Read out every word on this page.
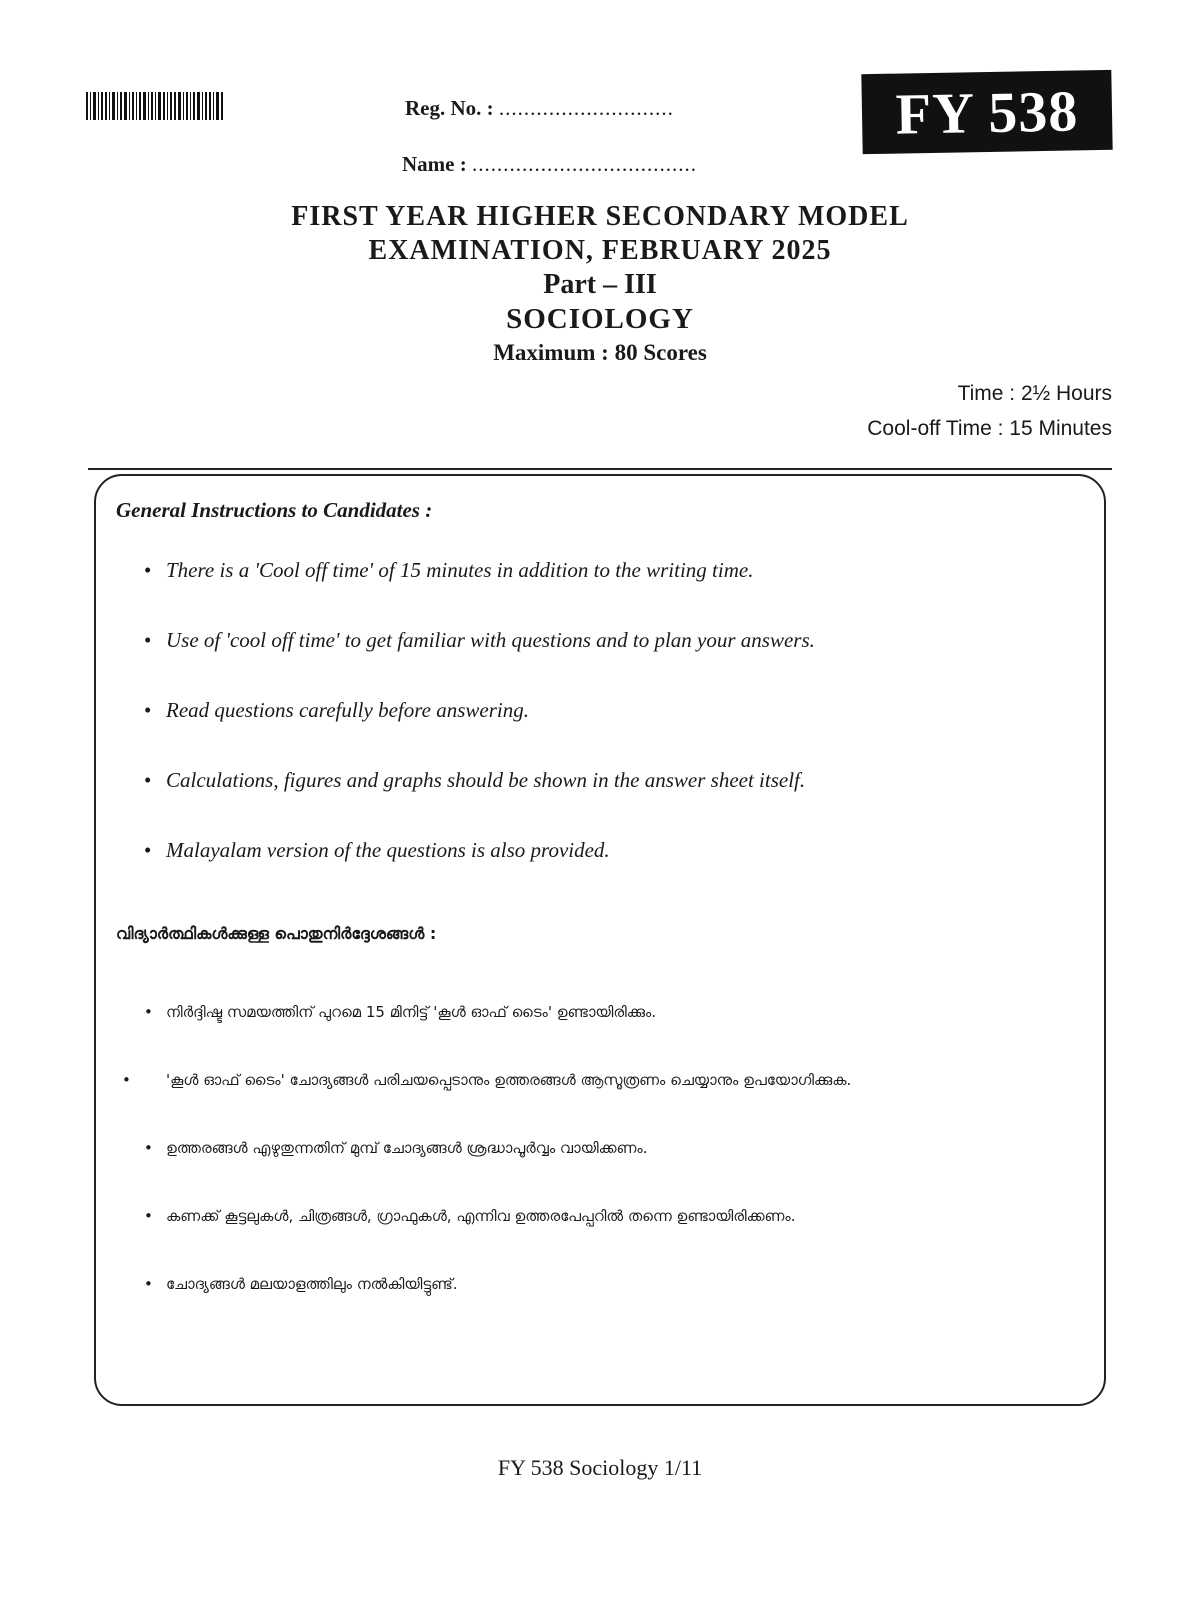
Reg. No. : ............................
Name : ....................................
FY 538
FIRST YEAR HIGHER SECONDARY MODEL
EXAMINATION, FEBRUARY 2025
Part – III
SOCIOLOGY
Maximum : 80 Scores
Time : 2½ Hours
Cool-off Time : 15 Minutes
General Instructions to Candidates :
• There is a 'Cool off time' of 15 minutes in addition to the writing time.
• Use of 'cool off time' to get familiar with questions and to plan your answers.
• Read questions carefully before answering.
• Calculations, figures and graphs should be shown in the answer sheet itself.
• Malayalam version of the questions is also provided.
വിദ്യാർത്ഥികൾക്കുള്ള പൊതുനിർദ്ദേശങ്ങൾ :
• നിർദ്ദിഷ്ട സമയത്തിന് പുറമെ 15 മിനിട്ട് 'കൂൾ ഓഫ് ടൈം' ഉണ്ടായിരിക്കും.
• 'കൂൾ ഓഫ് ടൈം' ചോദ്യങ്ങൾ പരിചയപ്പെടാനും ഉത്തരങ്ങൾ ആസൂത്രണം ചെയ്യാനും ഉപയോഗിക്കുക.
• ഉത്തരങ്ങൾ എഴുതുന്നതിന് മുമ്പ് ചോദ്യങ്ങൾ ശ്രദ്ധാപൂർവ്വം വായിക്കണം.
• കണക്ക് കൂട്ടലുകൾ, ചിത്രങ്ങൾ, ഗ്രാഫുകൾ, എന്നിവ ഉത്തരപേപ്പറിൽ തന്നെ ഉണ്ടായിരിക്കണം.
• ചോദ്യങ്ങൾ മലയാളത്തിലും നൽകിയിട്ടുണ്ട്.
FY 538 Sociology 1/11
